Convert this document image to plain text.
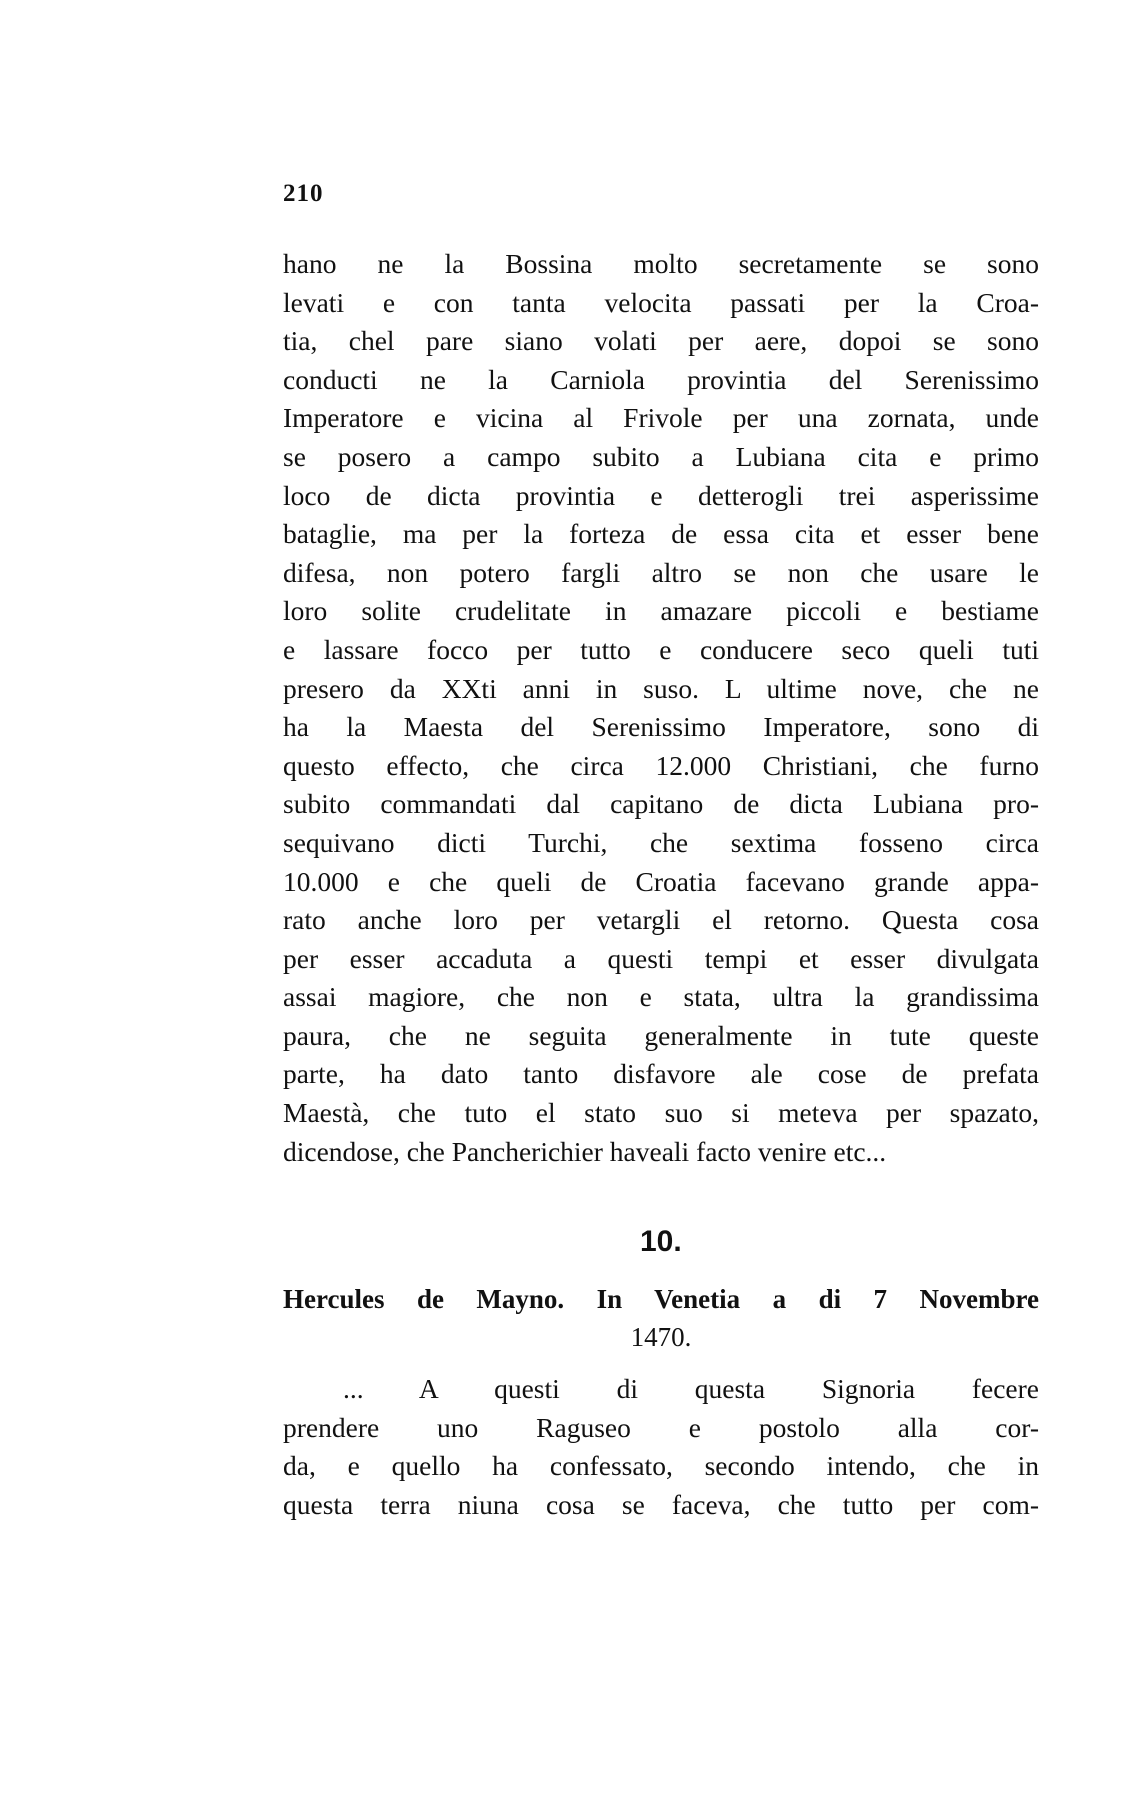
210
hano ne la Bossina molto secretamente se sono
levati e con tanta velocita passati per la Croa-
tia, chel pare siano volati per aere, dopoi se sono
conducti ne la Carniola provintia del Serenissimo
Imperatore e vicina al Frivole per una zornata, unde
se posero a campo subito a Lubiana cita e primo
loco de dicta provintia e detterogli trei asperissime
bataglie, ma per la forteza de essa cita et esser bene
difesa, non potero fargli altro se non che usare le
loro solite crudelitate in amazare piccoli e bestiame
e lassare focco per tutto e conducere seco queli tuti
presero da XXti anni in suso. L ultime nove, che ne
ha la Maesta del Serenissimo Imperatore, sono di
questo effecto, che circa 12.000 Christiani, che furno
subito commandati dal capitano de dicta Lubiana pro-
sequivano dicti Turchi, che sextima fosseno circa
10.000 e che queli de Croatia facevano grande appa-
rato anche loro per vetargli el retorno. Questa cosa
per esser accaduta a questi tempi et esser divulgata
assai magiore, che non e stata, ultra la grandissima
paura, che ne seguita generalmente in tute queste
parte, ha dato tanto disfavore ale cose de prefata
Maestà, che tuto el stato suo si meteva per spazato,
dicendose, che Pancherichier haveali facto venire etc...
10.
Hercules de Mayno. In Venetia a di 7 Novembre
1470.
... A questi di questa Signoria fecere
prendere uno Raguseo e postolo alla cor-
da, e quello ha confessato, secondo intendo, che in
questa terra niuna cosa se faceva, che tutto per com-
